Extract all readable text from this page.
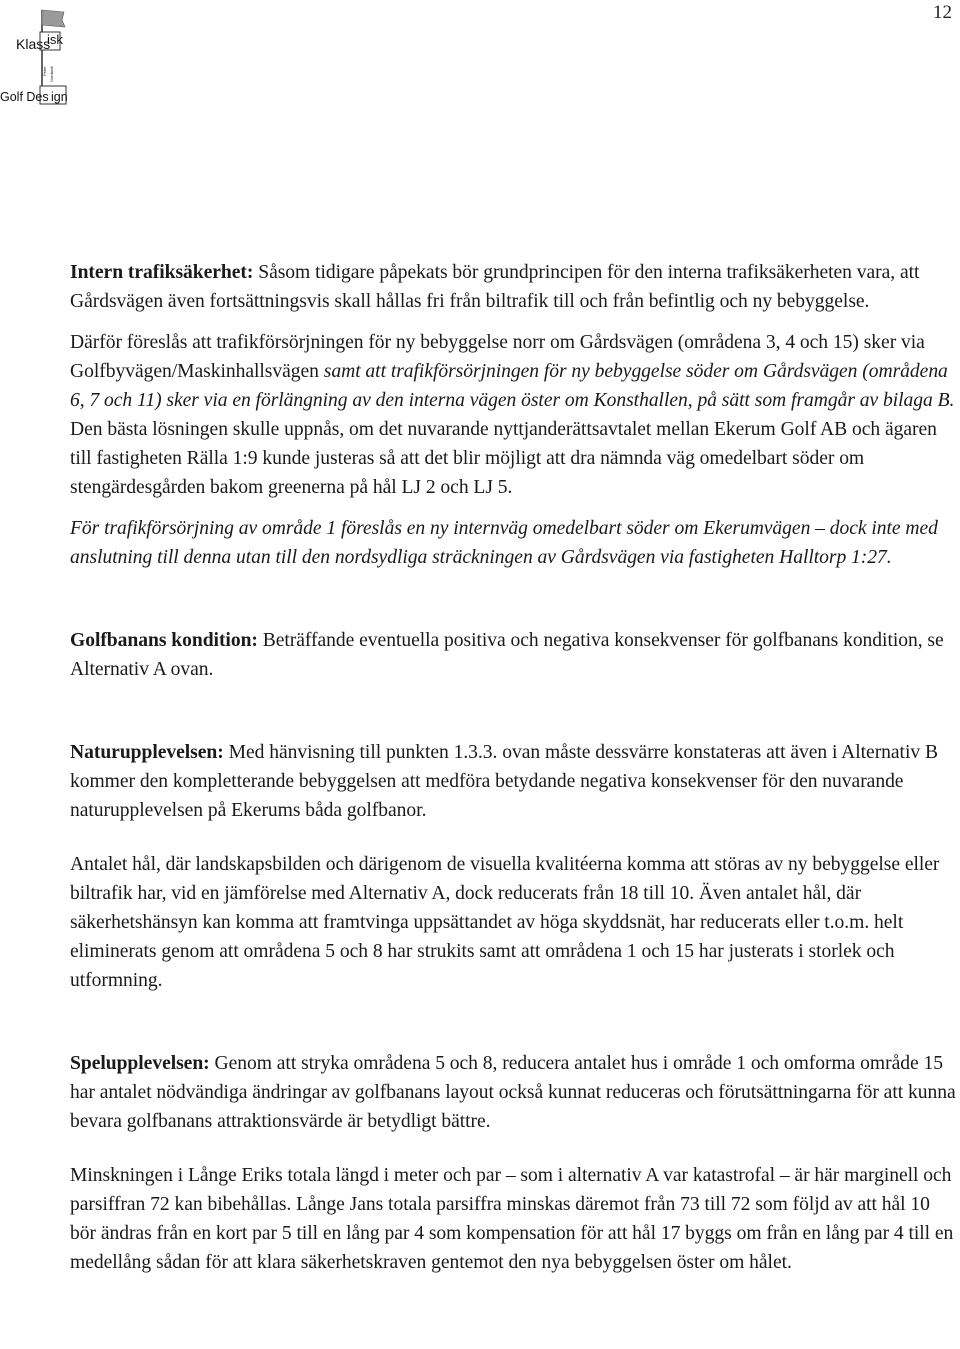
12
Klass
isk
Peter Nordwall
Golf Des ign

Intern trafiksäkerhet: Såsom tidigare påpekats bör grundprincipen för den interna trafiksäkerheten vara, att Gårdsvägen även fortsättningsvis skall hållas fri från biltrafik till och från befintlig och ny bebyggelse.

Därför föreslås att trafikförsörjningen för ny bebyggelse norr om Gårdsvägen (områdena 3, 4 och 15) sker via Golfbyvägen/Maskinhallsvägen samt att trafikförsörjningen för ny bebyggelse söder om Gårdsvägen (områdena 6, 7 och 11) sker via en förlängning av den interna vägen öster om Konsthallen, på sätt som framgår av bilaga B. Den bästa lösningen skulle uppnås, om det nuvarande nyttjanderättsavtalet mellan Ekerum Golf AB och ägaren till fastigheten Rälla 1:9 kunde justeras så att det blir möjligt att dra nämnda väg omedelbart söder om stengärdesgården bakom greenerna på hål LJ 2 och LJ 5.

För trafikförsörjning av område 1 föreslås en ny internväg omedelbart söder om Ekerumvägen – dock inte med anslutning till denna utan till den nordsydliga sträckningen av Gårdsvägen via fastigheten Halltorp 1:27.

Golfbanans kondition: Beträffande eventuella positiva och negativa konsekvenser för golfbanans kondition, se Alternativ A ovan.

Naturupplevelsen: Med hänvisning till punkten 1.3.3. ovan måste dessvärre konstateras att även i Alternativ B kommer den kompletterande bebyggelsen att medföra betydande negativa konsekvenser för den nuvarande naturupplevelsen på Ekerums båda golfbanor.

Antalet hål, där landskapsbilden och därigenom de visuella kvalitéerna komma att störas av ny bebyggelse eller biltrafik har, vid en jämförelse med Alternativ A, dock reducerats från 18 till 10. Även antalet hål, där säkerhetshänsyn kan komma att framtvinga uppsättandet av höga skyddsnät, har reducerats eller t.o.m. helt eliminerats genom att områdena 5 och 8 har strukits samt att områdena 1 och 15 har justerats i storlek och utformning.

Spelupplevelsen: Genom att stryka områdena 5 och 8, reducera antalet hus i område 1 och omforma område 15 har antalet nödvändiga ändringar av golfbanans layout också kunnat reduceras och förutsättningarna för att kunna bevara golfbanans attraktionsvärde är betydligt bättre.

Minskningen i Långe Eriks totala längd i meter och par – som i alternativ A var katastrofal – är här marginell och parsiffran 72 kan bibehållas. Långe Jans totala parsiffra minskas däremot från 73 till 72 som följd av att hål 10 bör ändras från en kort par 5 till en lång par 4 som kompensation för att hål 17 byggs om från en lång par 4 till en medellång sådan för att klara säkerhetskraven gentemot den nya bebyggelsen öster om hålet.
